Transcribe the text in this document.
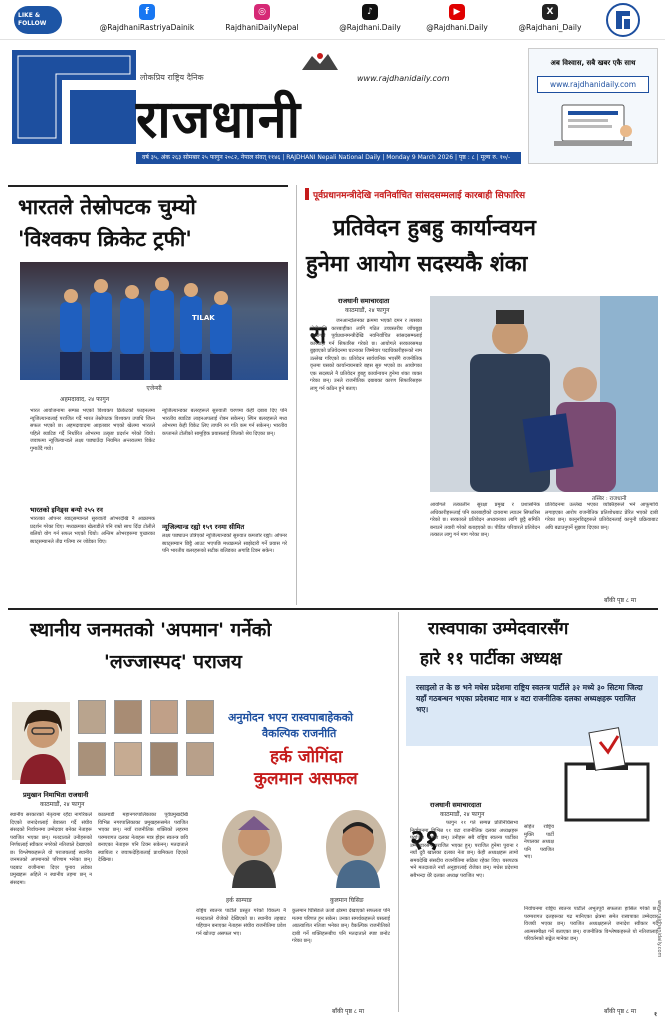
LIKE & FOLLOW
f
@RajdhaniRastriyaDainik
◎
RajdhaniDailyNepal
♪
@Rajdhani.Daily
▶
@Rajdhani.Daily
X
@Rajdhani_Daily
लोकप्रिय राष्ट्रिय दैनिक	www.rajdhanidaily.com
राजधानी
वर्ष ३५, अंक २६३ सोमबार २५ फागुन २०८२, नेपाल संवत् ११४६ | RAJDHANI Nepali National Daily | Monday 9 March 2026 | पृष्ठ : ८ | मूल्य रु. १०/-
अब विश्वास, सबै खबर एकै साथ
www.rajdhanidaily.com
भारतले तेस्रोपटक चुम्यो
'विश्वकप क्रिकेट ट्रफी'
TILAK
एजेन्सी
अहमदावाद, २४ फागुन
भारत आयोजनामा सम्पन्न भएको विश्वकप क्रिकेटको फाइनलमा न्यूजिल्यान्डलाई पराजित गर्दै भारत तेस्रोपटक विश्वकप उपाधि जित्न सफल भएको छ। अहमदावादमा आइतबार भएको खेलमा भारतले पहिले ब्याटिङ गर्दै निर्धारित ओभरमा उत्कृष्ट प्रदर्शन गरेको थियो। जवाफमा न्यूजिल्यान्डले लक्ष्य पछ्याउँदा नियमित अन्तरालमा विकेट गुमाउँदै गयो।
भारतको इनिङ्स बन्यो २५५ रन
भारतका ओपनर ब्याट्सम्यानले सुरुवाती ओभरदेखि नै आक्रामक प्रदर्शन गरेका थिए। मध्यक्रमका खेलाडीले पनि राम्रो साथ दिँदा टोलीले बलियो योग गर्न सफल भएको थियो। अन्तिम ओभरहरूमा पुच्छरका ब्याट्सम्यानले तीव्र गतिमा रन जोडेका थिए।
न्यूजिल्यान्डका बलरहरूले सुरुवाती चरणमा केही दबाब दिए पनि भारतीय ब्याटिङ लाइनअपलाई रोक्न सकेनन्। स्पिन बलरहरूले मध्य ओभरमा केही विकेट लिए तापनि रन गति कम गर्न सकेनन्। भारतीय कप्तानले टोलीको सामूहिक प्रयासलाई जितको श्रेय दिएका छन्।
न्यूजिल्यान्ड रह्यो १५९ रनमा सीमित
लक्ष्य पछ्याउन उत्रिएको न्यूजिल्यान्डको सुरुवात कमजोर रह्यो। ओपनर ब्याट्सम्यान छिट्टै आउट भएपछि मध्यक्रमले साझेदारी गर्ने प्रयास गरे पनि भारतीय बलरहरूको सटीक बलिङका अगाडि टिक्न सकेन।
पूर्वप्रधानमन्त्रीदेखि नवनिर्वाचित सांसदसम्मलाई कारबाही सिफारिस
प्रतिवेदन हुबहु कार्यान्वयन
हुनेमा आयोग सदस्यकै शंका
राजधानी समाचारदाता
काठमाडौं, २४ फागुन
रा	जनआन्दोलनका क्रममा भएको दमन र त्यसका दोषीमाथि कारबाहीका लागि गठित उच्चस्तरीय जाँचबुझ आयोगले पूर्वप्रधानमन्त्रीदेखि नवनिर्वाचित सांसदसम्मलाई कारबाही गर्न सिफारिस गरेको छ। आयोगले सरकारसमक्ष बुझाएको प्रतिवेदनमा घटनाका जिम्मेवार पदाधिकारीहरूको नाम उल्लेख गरिएको छ। प्रतिवेदन सार्वजनिक भएसँगै राजनीतिक वृत्तमा यसको कार्यान्वयनबारे बहस सुरु भएको छ। आयोगका एक सदस्यले नै प्रतिवेदन हुबहु कार्यान्वयन हुनेमा शंका व्यक्त गरेका छन्। उनले राजनीतिक दबाबका कारण सिफारिसहरू लागु गर्न कठिन हुने बताए।
तस्बिर : राजधानी
आयोगले तत्कालीन सुरक्षा प्रमुख र प्रशासनिक अधिकारीहरूलाई पनि कारबाहीको दायरामा ल्याउन सिफारिस गरेको छ। सरकारले प्रतिवेदन अध्ययनका लागि छुट्टै समिति बनाउने तयारी गरेको बताइएको छ। पीडित परिवारले प्रतिवेदन तत्काल लागु गर्न माग गरेका छन्।
प्रतिवेदनमा उल्लेख भएका व्यक्तिहरूले भने आफूमाथि लगाइएका आरोप राजनीतिक प्रतिशोधबाट प्रेरित भएको दाबी गरेका छन्। कानुनविद्हरूले प्रतिवेदनलाई कानुनी प्रक्रियाबाट अघि बढाउनुपर्ने सुझाव दिएका छन्।
बाँकी पृष्ठ ८ मा
स्थानीय जनमतको 'अपमान' गर्नेको
'लज्जास्पद' पराजय
प्रमुखान निमाभिता राजधानी
काठमाडौं, २४ फागुन
अनुमोदन भएन रास्वपाबाहेकको
वैकल्पिक राजनीति
हर्क जोगिंदा
कुलमान असफल
स्थानीय सरकारको नेतृत्वमा रहँदा नागरिकले दिएको जनादेशलाई बेवास्ता गर्दै संघीय संसदको निर्वाचनमा उम्मेदवार बनेका नेताहरू पराजित भएका छन्। मतदाताले उनीहरूको निर्णयलाई स्वीकार नगरेको नतिजाले देखाएको छ। विश्लेषकहरूले यो पराजयलाई स्थानीय जनमतको अपमानको परिणाम भनेका छन्। पदबाट राजीनामा दिएर चुनाव लडेका प्रमुखहरू अहिले न स्थानीय तहमा छन् न संसदमा।
काठमाडौं महानगरपालिकाका पूर्वप्रमुखदेखि विभिन्न नगरपालिकाका प्रमुखहरूसमेत पराजित भएका छन्। नयाँ राजनीतिक शक्तिको लहरमा परम्परागत दलका नेताहरू मात्र होइन स्वतन्त्र छवि बनाएका नेताहरू पनि टिक्न सकेनन्। मतदाताले स्थायित्व र जवाफदेहितालाई प्राथमिकता दिएको देखिन्छ।
हर्क साम्पाङ	कुलमान घिसिङ
राष्ट्रिय स्वतन्त्र पार्टीले प्रस्तुत गरेको विकल्प नै मतदाताले रोजेको देखिएको छ। स्थानीय तहबाट पहिचान बनाएका नेताहरू संघीय राजनीतिमा प्रवेश गर्न खोज्दा असफल भए।
कुलमान घिसिङले ऊर्जा क्षेत्रमा देखाएको सफलता पनि मतमा परिणत हुन सकेन। उनका समर्थकहरूले यसलाई अप्रत्याशित नतिजा भनेका छन्। वैकल्पिक राजनीतिको दाबी गर्ने शक्तिहरूबीच पनि मतदाताले स्पष्ट छनोट गरेका छन्।
बाँकी पृष्ठ ८ मा
रास्वपाका उम्मेदवारसँग
हारे ११ पार्टीका अध्यक्ष
रसाइलो त के छ भने मधेस प्रदेशमा राष्ट्रिय स्वतन्त्र पार्टीले ३२ मध्ये ३० सिटमा जित्दा यहाँ गठबन्धन भएका प्रदेशबाट मात्र ४ वटा राजनीतिक दलका अध्यक्षहरू पराजित भए।
राजधानी समाचारदाता
काठमाडौं, २४ फागुन
२१	फागुन २१ गते सम्पन्न प्रतिनिधिसभा निर्वाचनमा विभिन्न ११ वटा राजनीतिक दलका अध्यक्षहरू पराजित भएका छन्। उनीहरू सबै राष्ट्रिय स्वतन्त्र पार्टीका उम्मेदवारसँग पराजित भएका हुन्। पराजित हुनेमा पुराना र नयाँ दुवै खालका दलका नेता छन्। केही अध्यक्षहरू लामो समयदेखि संसदीय राजनीतिमा सक्रिय रहेका थिए। यसपटक भने मतदाताले नयाँ अनुहारलाई रोजेका छन्। मधेस प्रदेशमा सबैभन्दा धेरै दलका अध्यक्ष पराजित भए।
सहित राष्ट्रिय मुक्ति पार्टी नेपालका अध्यक्ष पनि पराजित भए।
निर्वाचनमा राष्ट्रिय स्वतन्त्र पार्टीले अभूतपूर्व सफलता हासिल गरेको छ। परम्परागत दलहरूका गढ मानिएका क्षेत्रमा समेत रास्वपाका उम्मेदवार विजयी भएका छन्। पराजित अध्यक्षहरूले जनादेश स्वीकार गर्दै आत्मसमीक्षा गर्ने बताएका छन्। राजनीतिक विश्लेषकहरूले यो नतिजालाई परिवर्तनको सङ्केत मानेका छन्।
बाँकी पृष्ठ ८ मा
www.rajdhanidaily.com
१
